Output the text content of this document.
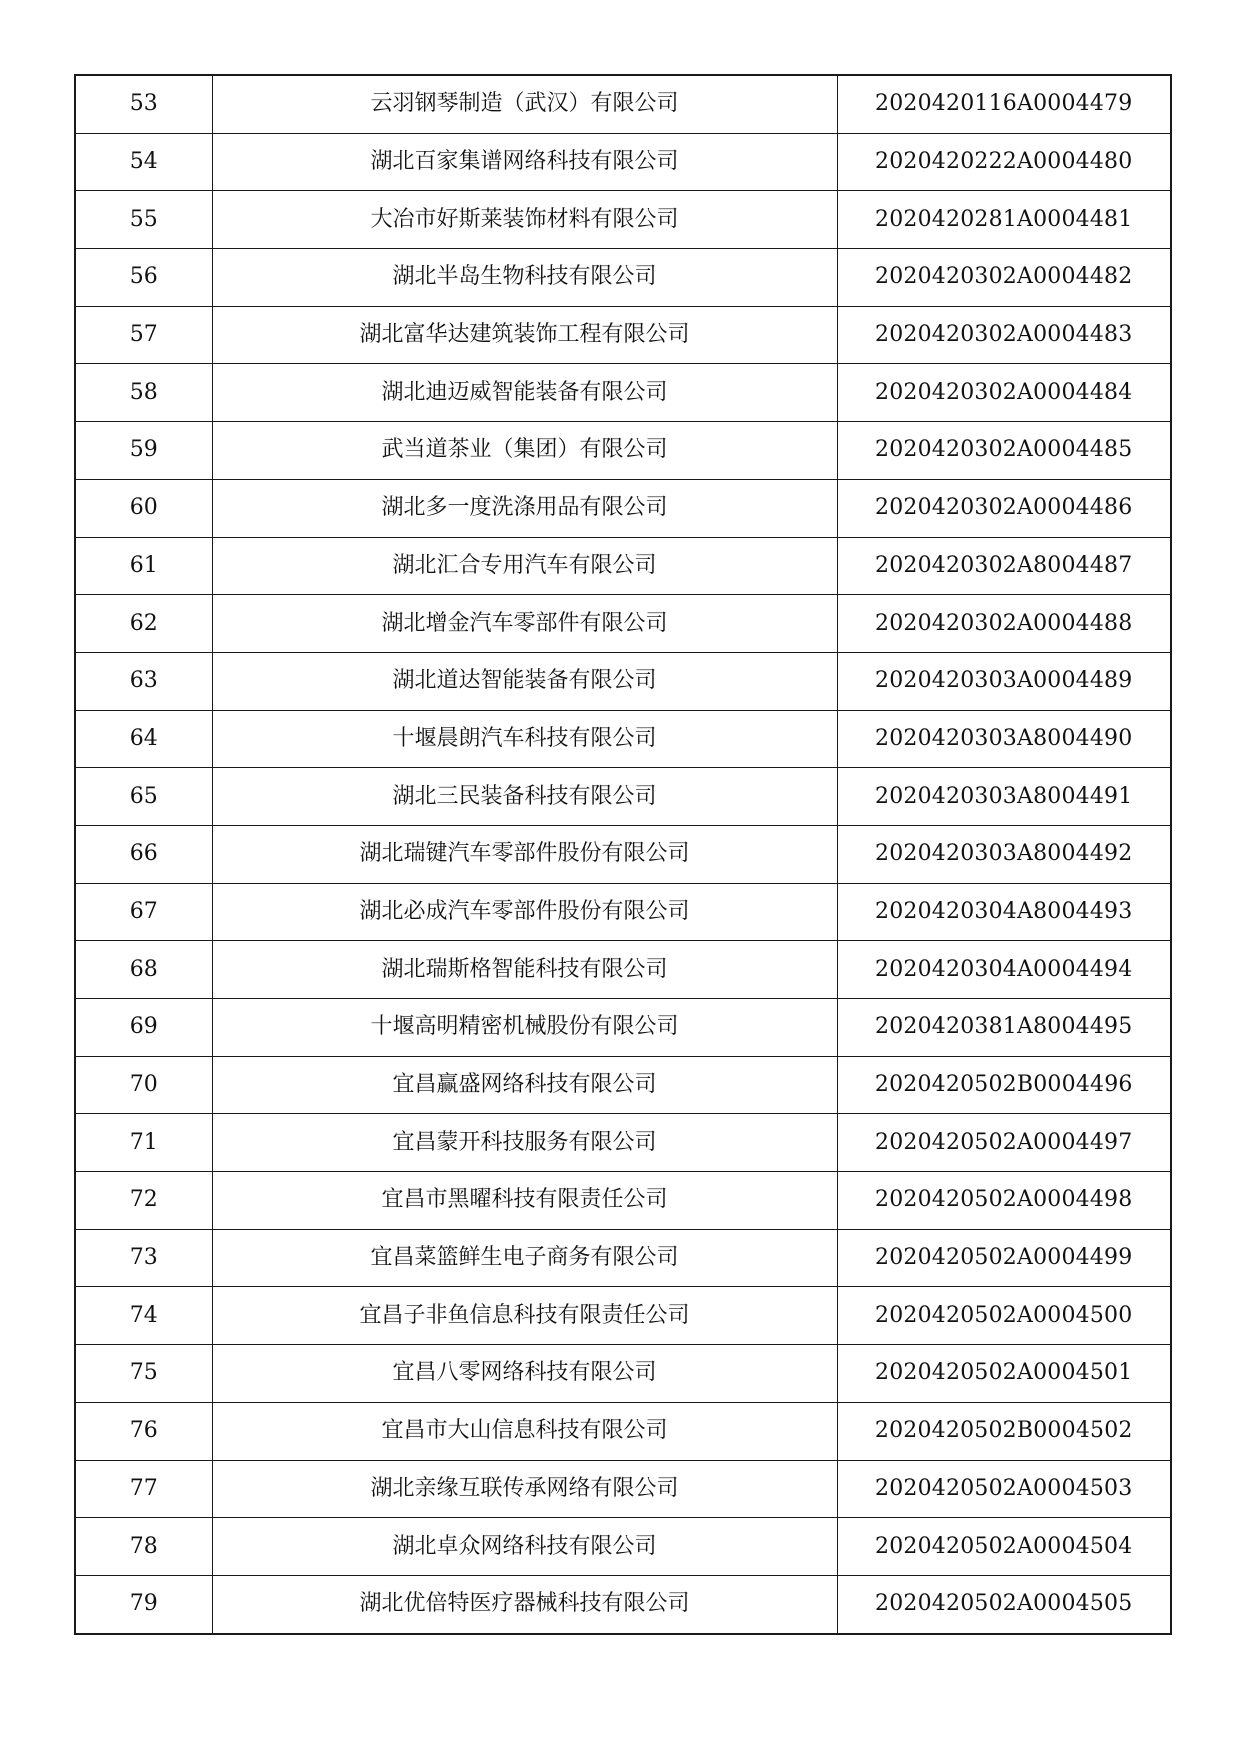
53	云羽钢琴制造（武汉）有限公司	2020420116A0004479
54	湖北百家集谱网络科技有限公司	2020420222A0004480
55	大冶市好斯莱装饰材料有限公司	2020420281A0004481
56	湖北半岛生物科技有限公司	2020420302A0004482
57	湖北富华达建筑装饰工程有限公司	2020420302A0004483
58	湖北迪迈威智能装备有限公司	2020420302A0004484
59	武当道茶业（集团）有限公司	2020420302A0004485
60	湖北多一度洗涤用品有限公司	2020420302A0004486
61	湖北汇合专用汽车有限公司	2020420302A8004487
62	湖北增金汽车零部件有限公司	2020420302A0004488
63	湖北道达智能装备有限公司	2020420303A0004489
64	十堰晨朗汽车科技有限公司	2020420303A8004490
65	湖北三民装备科技有限公司	2020420303A8004491
66	湖北瑞键汽车零部件股份有限公司	2020420303A8004492
67	湖北必成汽车零部件股份有限公司	2020420304A8004493
68	湖北瑞斯格智能科技有限公司	2020420304A0004494
69	十堰高明精密机械股份有限公司	2020420381A8004495
70	宜昌赢盛网络科技有限公司	2020420502B0004496
71	宜昌蒙开科技服务有限公司	2020420502A0004497
72	宜昌市黑曜科技有限责任公司	2020420502A0004498
73	宜昌菜篮鲜生电子商务有限公司	2020420502A0004499
74	宜昌子非鱼信息科技有限责任公司	2020420502A0004500
75	宜昌八零网络科技有限公司	2020420502A0004501
76	宜昌市大山信息科技有限公司	2020420502B0004502
77	湖北亲缘互联传承网络有限公司	2020420502A0004503
78	湖北卓众网络科技有限公司	2020420502A0004504
79	湖北优倍特医疗器械科技有限公司	2020420502A0004505
